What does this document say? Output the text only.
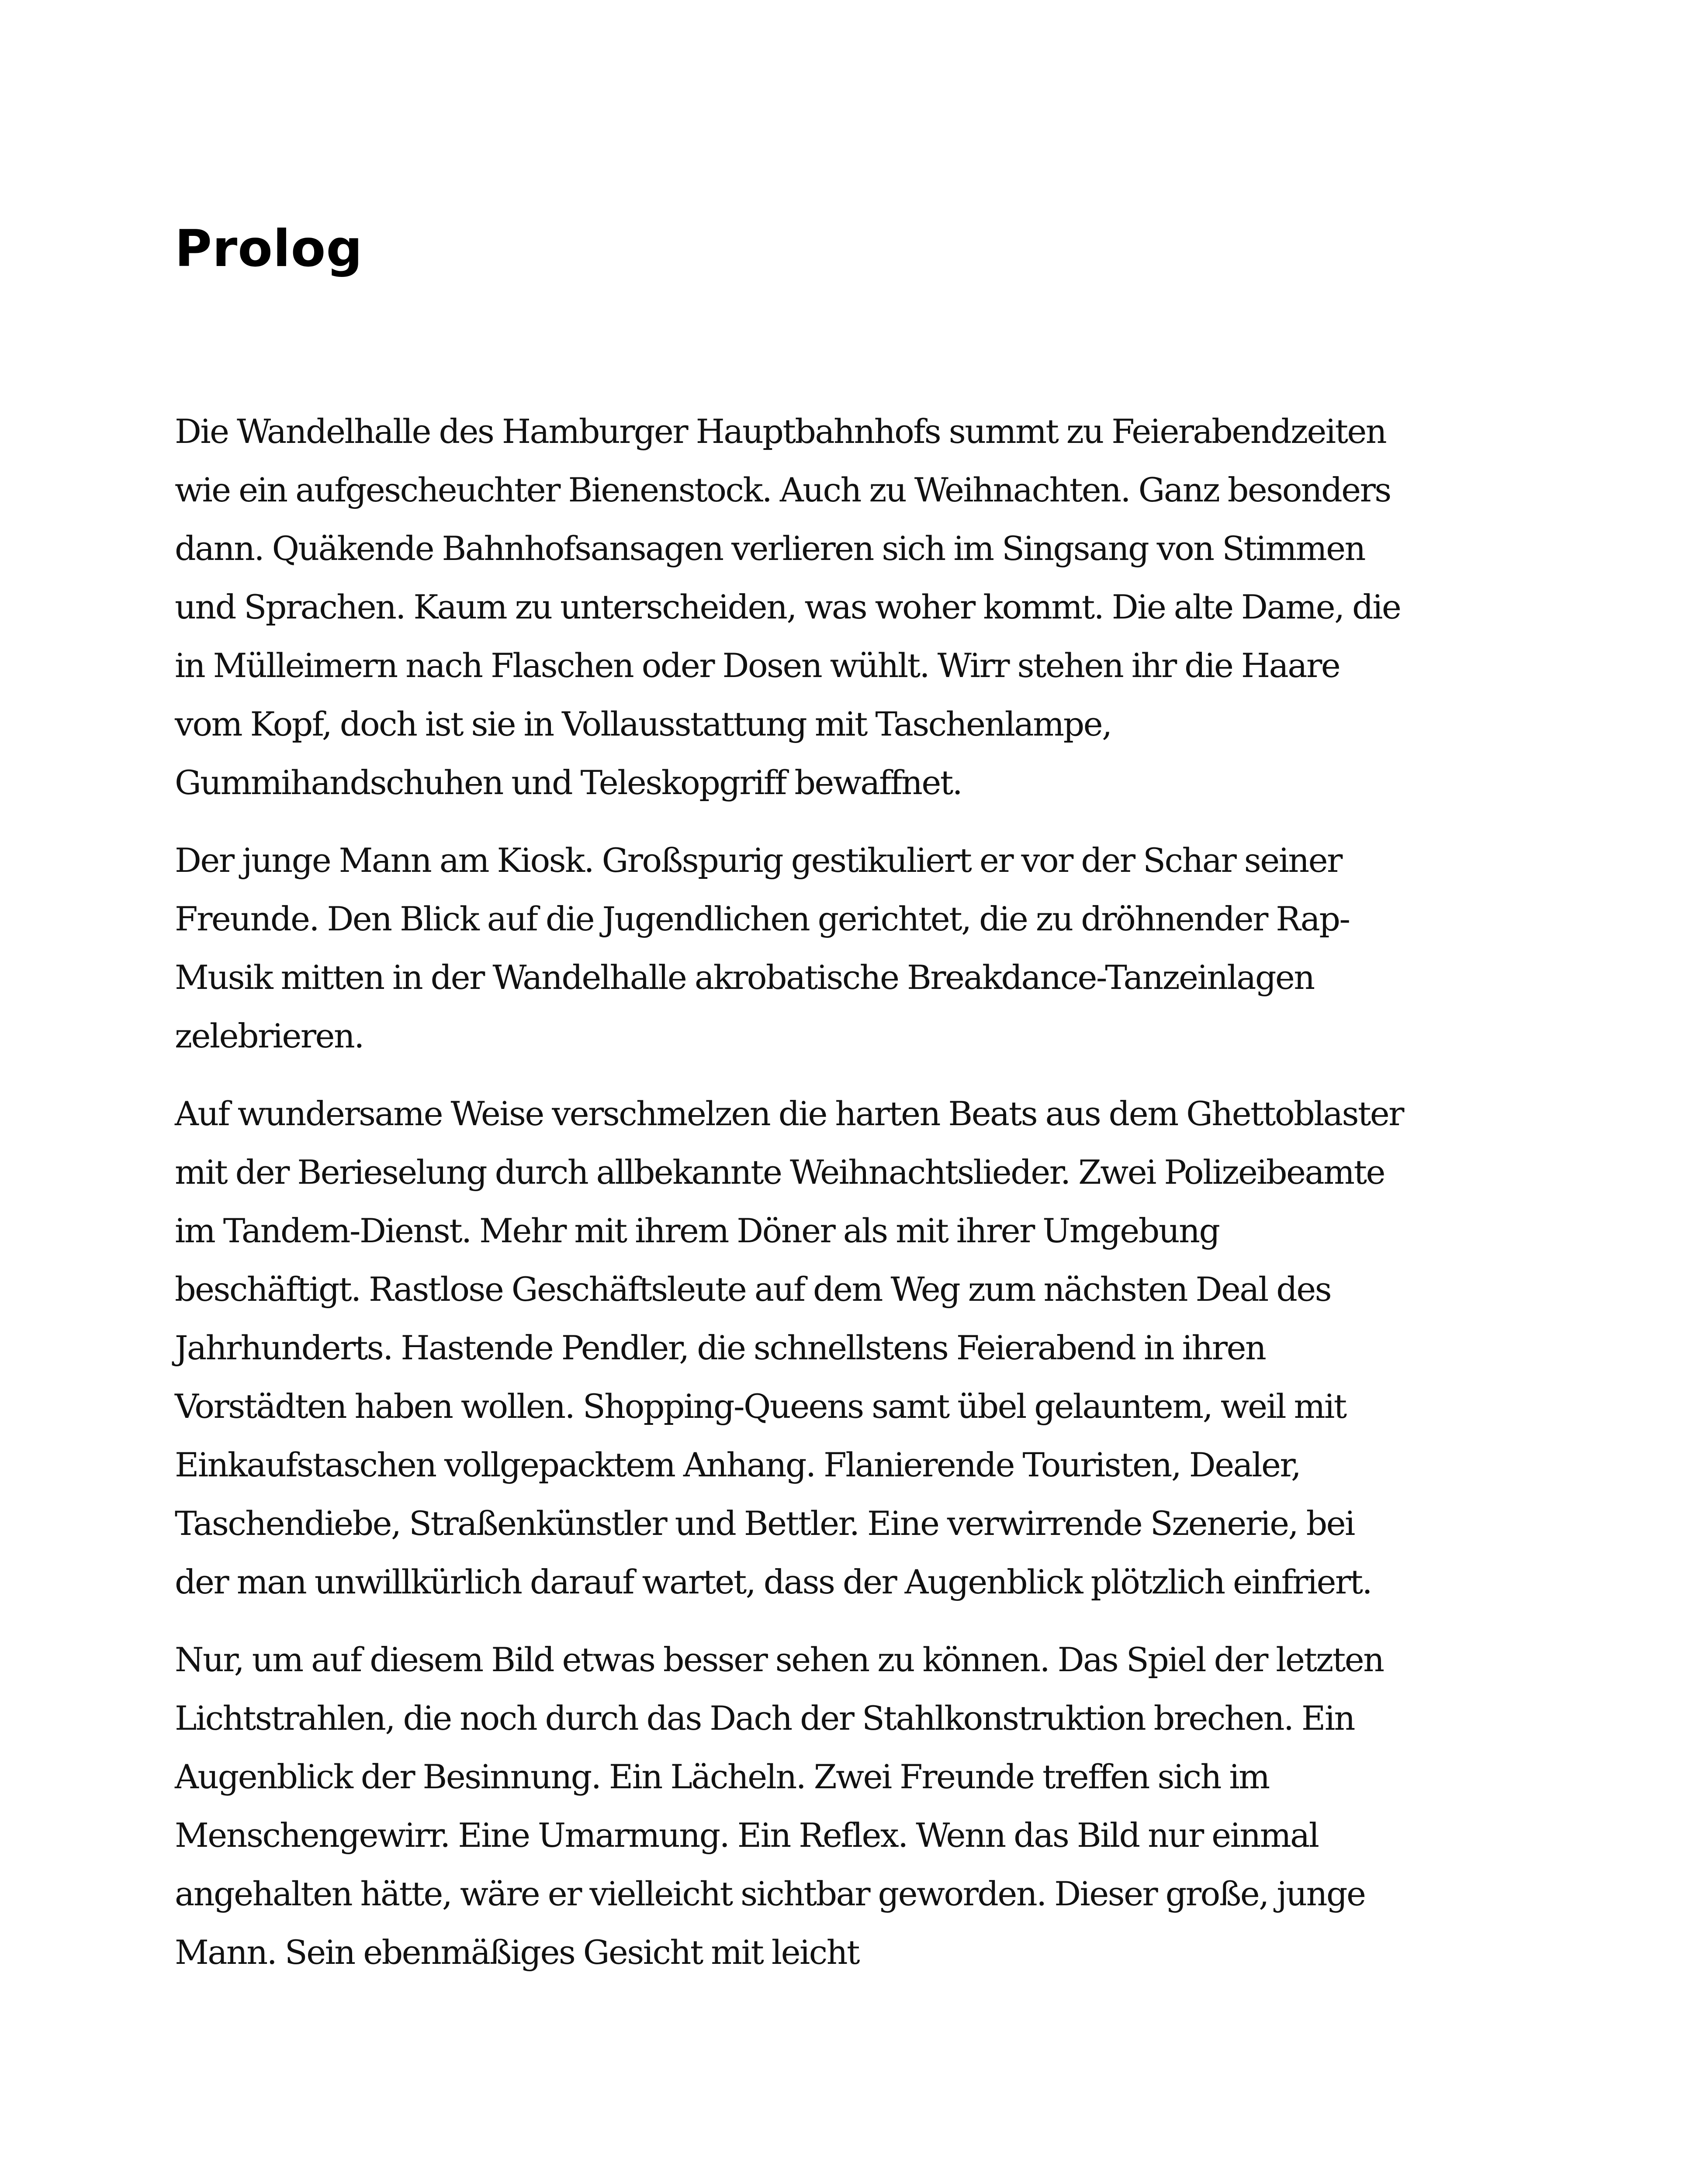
Prolog

Die Wandelhalle des Hamburger Hauptbahnhofs summt zu Feierabendzeiten wie ein aufgescheuchter Bienenstock. Auch zu Weihnachten. Ganz besonders dann. Quäkende Bahnhofsansagen verlieren sich im Singsang von Stimmen und Sprachen. Kaum zu unterscheiden, was woher kommt. Die alte Dame, die in Mülleimern nach Flaschen oder Dosen wühlt. Wirr stehen ihr die Haare vom Kopf, doch ist sie in Vollausstattung mit Taschenlampe, Gummihandschuhen und Teleskopgriff bewaffnet.

Der junge Mann am Kiosk. Großspurig gestikuliert er vor der Schar seiner Freunde. Den Blick auf die Jugendlichen gerichtet, die zu dröhnender Rap-Musik mitten in der Wandelhalle akrobatische Breakdance-Tanzeinlagen zelebrieren.

Auf wundersame Weise verschmelzen die harten Beats aus dem Ghettoblaster mit der Berieselung durch allbekannte Weihnachtslieder. Zwei Polizeibeamte im Tandem-Dienst. Mehr mit ihrem Döner als mit ihrer Umgebung beschäftigt. Rastlose Geschäftsleute auf dem Weg zum nächsten Deal des Jahrhunderts. Hastende Pendler, die schnellstens Feierabend in ihren Vorstädten haben wollen. Shopping-Queens samt übel gelauntem, weil mit Einkaufstaschen vollgepacktem Anhang. Flanierende Touristen, Dealer, Taschendiebe, Straßenkünstler und Bettler. Eine verwirrende Szenerie, bei der man unwillkürlich darauf wartet, dass der Augenblick plötzlich einfriert.

Nur, um auf diesem Bild etwas besser sehen zu können. Das Spiel der letzten Lichtstrahlen, die noch durch das Dach der Stahlkonstruktion brechen. Ein Augenblick der Besinnung. Ein Lächeln. Zwei Freunde treffen sich im Menschengewirr. Eine Umarmung. Ein Reflex. Wenn das Bild nur einmal angehalten hätte, wäre er vielleicht sichtbar geworden. Dieser große, junge Mann. Sein ebenmäßiges Gesicht mit leicht
